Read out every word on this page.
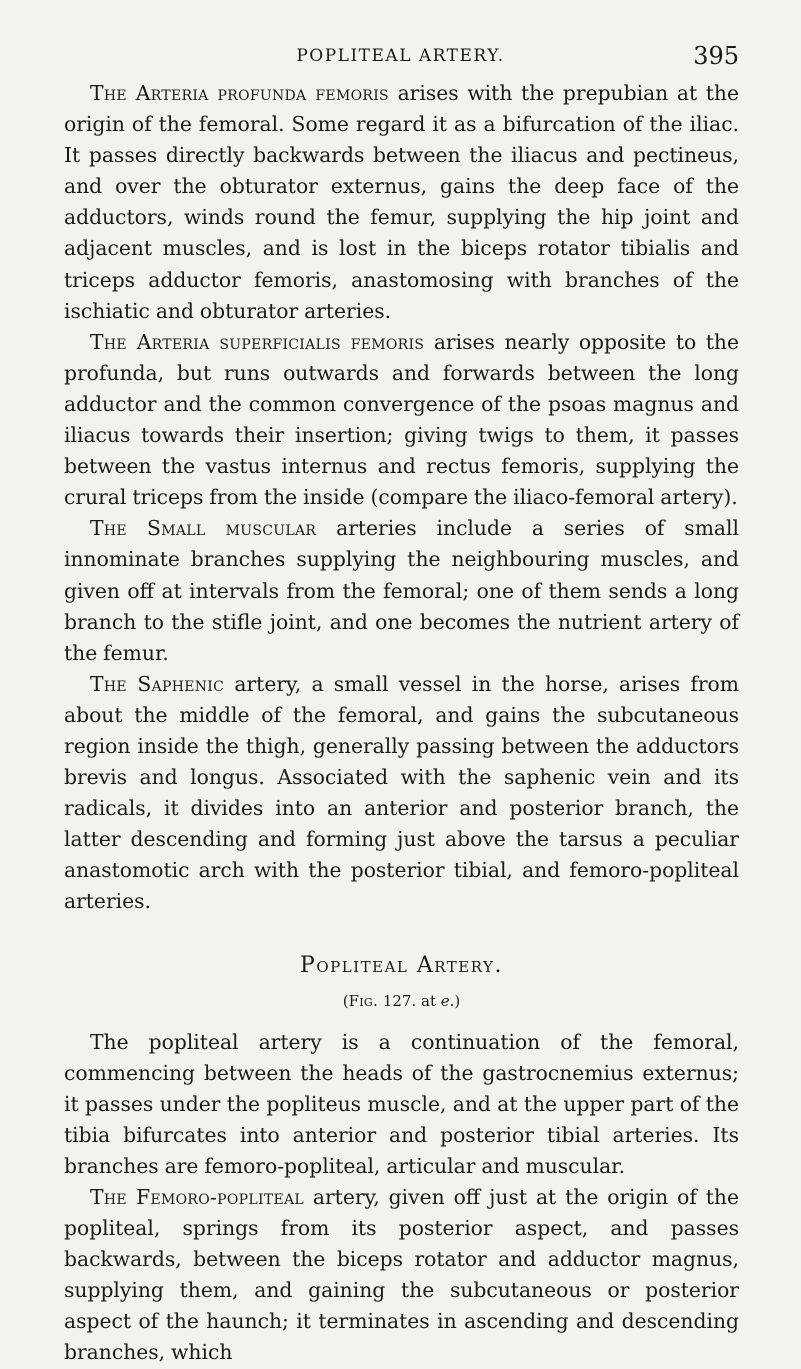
POPLITEAL ARTERY.	395

The Arteria profunda femoris arises with the prepubian at the origin of the femoral. Some regard it as a bifurcation of the iliac. It passes directly backwards between the iliacus and pectineus, and over the obturator externus, gains the deep face of the adductors, winds round the femur, supplying the hip joint and adjacent muscles, and is lost in the biceps rotator tibialis and triceps adductor femoris, anastomosing with branches of the ischiatic and obturator arteries.

The Arteria superficialis femoris arises nearly opposite to the profunda, but runs outwards and forwards between the long adductor and the common convergence of the psoas magnus and iliacus towards their insertion; giving twigs to them, it passes between the vastus internus and rectus femoris, supplying the crural triceps from the inside (compare the iliaco-femoral artery).

The Small muscular arteries include a series of small innominate branches supplying the neighbouring muscles, and given off at intervals from the femoral; one of them sends a long branch to the stifle joint, and one becomes the nutrient artery of the femur.

The Saphenic artery, a small vessel in the horse, arises from about the middle of the femoral, and gains the subcutaneous region inside the thigh, generally passing between the adductors brevis and longus. Associated with the saphenic vein and its radicals, it divides into an anterior and posterior branch, the latter descending and forming just above the tarsus a peculiar anastomotic arch with the posterior tibial, and femoro-popliteal arteries.

Popliteal Artery.
(Fig. 127. at e.)

The popliteal artery is a continuation of the femoral, commencing between the heads of the gastrocnemius externus; it passes under the popliteus muscle, and at the upper part of the tibia bifurcates into anterior and posterior tibial arteries. Its branches are femoro-popliteal, articular and muscular.

The Femoro-popliteal artery, given off just at the origin of the popliteal, springs from its posterior aspect, and passes backwards, between the biceps rotator and adductor magnus, supplying them, and gaining the subcutaneous or posterior aspect of the haunch; it terminates in ascending and descending branches, which
